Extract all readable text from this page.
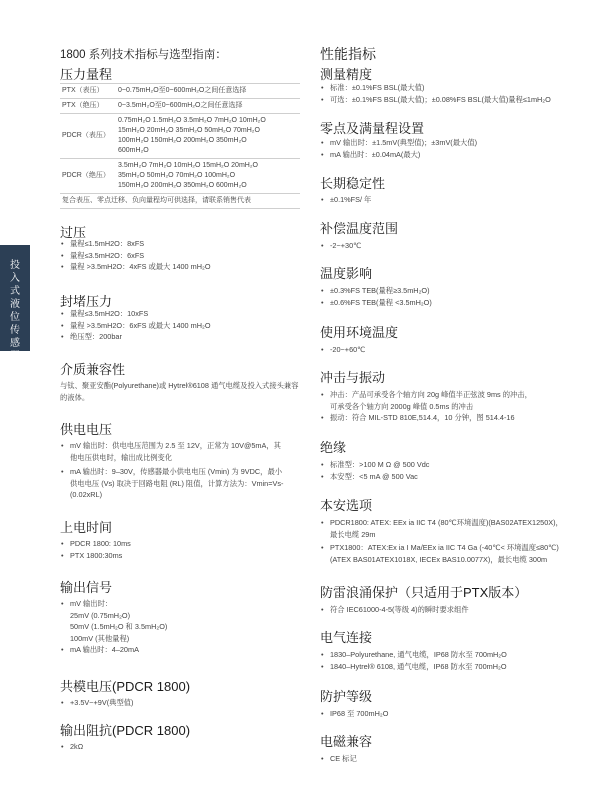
投入式液位传感器
1800 系列技术指标与选型指南：
压力量程
PTX（表压）	0~0.75mH₂O至0~600mH₂O之间任意选择
PTX（绝压）	0~3.5mH₂O至0~600mH₂O之间任意选择
PDCR（表压）	0.75mH₂O 1.5mH₂O 3.5mH₂O 7mH₂O 10mH₂O
15mH₂O 20mH₂O 35mH₂O 50mH₂O 70mH₂O
100mH₂O 150mH₂O 200mH₂O 350mH₂O
600mH₂O

PDCR（绝压）	3.5mH₂O 7mH₂O 10mH₂O 15mH₂O 20mH₂O
35mH₂O 50mH₂O 70mH₂O 100mH₂O
150mH₂O 200mH₂O 350mH₂O 600mH₂O

复合表压、零点迁移、负向量程均可供选择，请联系销售代表	
过压
• 量程≤1.5mH2O：8xFS
• 量程≤3.5mH2O：6xFS
• 量程 >3.5mH2O：4xFS 或最大 1400 mH₂O
封堵压力
• 量程≤3.5mH2O：10xFS
• 量程 >3.5mH2O：6xFS 或最大 1400 mH₂O
• 绝压型：200bar
介质兼容性

与钛、聚亚安酯(Polyurethane)或 Hytrel®6108 通气电缆及投入式接头兼容的液体。

供电电压
• mV 输出时：供电电压范围为 2.5 至 12V，正常为 10V@5mA，其
他电压供电时，输出成比例变化
• mA 输出时：9–30V，传感器最小供电电压 (Vmin) 为 9VDC，最小
供电电压 (Vs) 取决于回路电阻 (RL) 阻值，计算方法为：Vmin=Vs-
(0.02xRL)
上电时间
• PDCR 1800: 10ms
• PTX 1800:30ms
输出信号
• mV 输出时：
25mV (0.75mH₂O)
50mV (1.5mH₂O 和 3.5mH₂O)
100mV (其他量程)
• mA 输出时：4–20mA
共模电压(PDCR 1800)
• +3.5V~+9V(典型值)
输出阻抗(PDCR 1800)
• 2kΩ
性能指标
测量精度
• 标准：±0.1%FS BSL(最大值)
• 可选：±0.1%FS BSL(最大值)；±0.08%FS BSL(最大值)量程≤1mH₂O
零点及满量程设置
• mV 输出时：±1.5mV(典型值)；±3mV(最大值)
• mA 输出时：±0.04mA(最大)
长期稳定性
• ±0.1%FS/ 年
补偿温度范围
• -2~+30℃
温度影响
• ±0.3%FS TEB(量程≥3.5mH₂O)
• ±0.6%FS TEB(量程 <3.5mH₂O)
使用环境温度
• -20~+60℃
冲击与振动
• 冲击：产品可承受各个轴方向 20g 峰值半正弦波 9ms 的冲击，
可承受各个轴方向 2000g 峰值 0.5ms 的冲击
• 振动：符合 MIL-STD 810E,514.4，10 分钟，图 514.4-16
绝缘
• 标准型：>100 M Ω @ 500 Vdc
• 本安型：<5 mA @ 500 Vac
本安选项
• PDCR1800: ATEX: EEx ia IIC T4 (80℃环境温度)(BAS02ATEX1250X)，
最长电缆 29m
• PTX1800：ATEX:Ex ia I Ma/EEx ia IIC T4 Ga (-40℃< 环境温度≤80℃)
(ATEX BAS01ATEX1018X, IECEx BAS10.0077X)，最长电缆 300m
防雷浪涌保护（只适用于PTX版本）
• 符合 IEC61000-4-5(等级 4)的瞬时要求组件
电气连接
• 1830–Polyurethane, 通气电缆，IP68 防水至 700mH₂O
• 1840–Hytrel® 6108, 通气电缆，IP68 防水至 700mH₂O
防护等级
• IP68 至 700mH₂O
电磁兼容
• CE 标记
